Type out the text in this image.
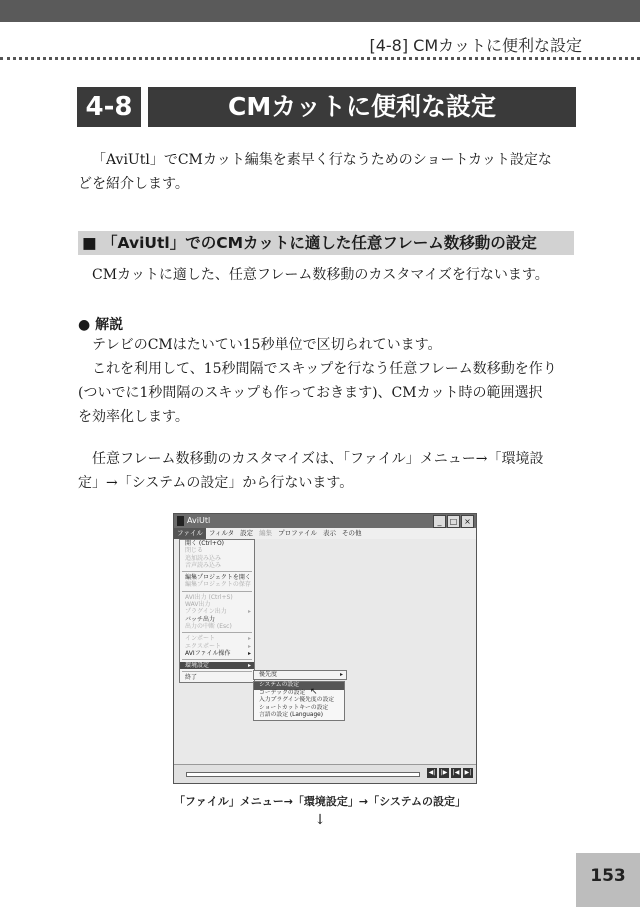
[4-8] CMカットに便利な設定
4-8	CMカットに便利な設定
「AviUtl」でCMカット編集を素早く行なうためのショートカット設定な
どを紹介します。
■ 「AviUtl」でのCMカットに適した任意フレーム数移動の設定
CMカットに適した、任意フレーム数移動のカスタマイズを行ないます。
● 解説
テレビのCMはたいてい15秒単位で区切られています。
これを利用して、15秒間隔でスキップを行なう任意フレーム数移動を作り
(ついでに1秒間隔のスキップも作っておきます)、CMカット時の範囲選択
を効率化します。
任意フレーム数移動のカスタマイズは、「ファイル」メニュー→「環境設
定」→「システムの設定」から行ないます。
AviUtl	_	□ ×
ファイル フィルタ 設定 編集 プロファイル 表示 その他
開く (Ctrl+O)
閉じる
追加読み込み
音声読み込み
編集プロジェクトを開く
編集プロジェクトの保存
AVI出力 (Ctrl+S)
WAV出力
プラグイン出力	▸
バッチ出力
出力の中断 (Esc)
インポート	▸
エクスポート	▸
AVIファイル操作	▸
環境設定	▸
終了	優先度	▸
システムの設定
コーデックの設定
入力プラグイン優先度の設定
ショートカットキーの設定
言語の設定 (Language)
↖
◀| |▶ |◀ ▶|
「ファイル」メニュー→「環境設定」→「システムの設定」
↓
153
